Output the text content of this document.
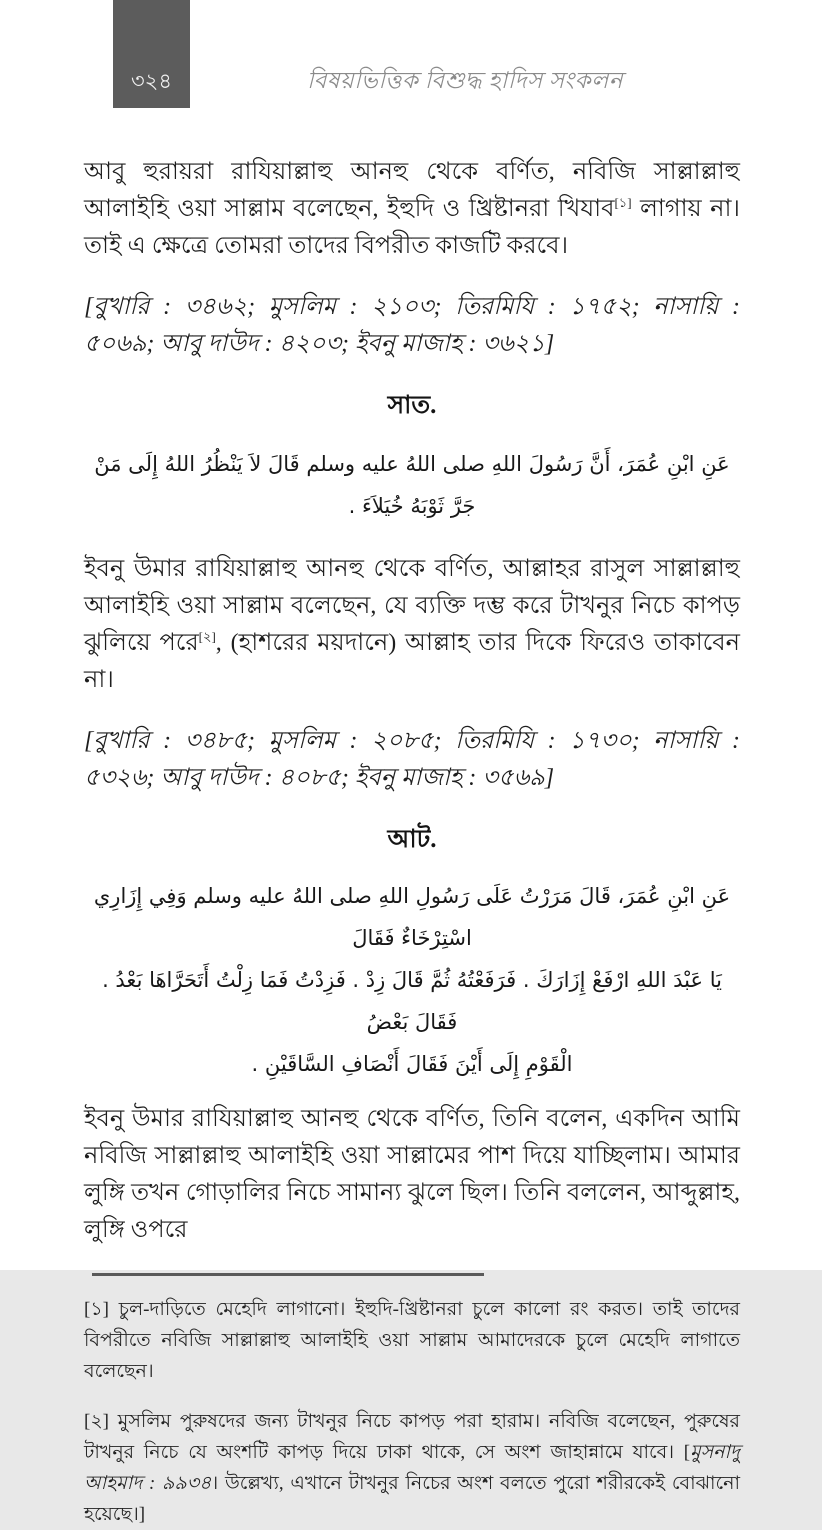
৩২৪	বিষয়ভিত্তিক বিশুদ্ধ হাদিস সংকলন

আবু হুরায়রা রাযিয়াল্লাহু আনহু থেকে বর্ণিত, নবিজি সাল্লাল্লাহু আলাইহি ওয়া সাল্লাম বলেছেন, ইহুদি ও খ্রিষ্টানরা খিযাব[১] লাগায় না। তাই এ ক্ষেত্রে তোমরা তাদের বিপরীত কাজটি করবে।

[বুখারি : ৩৪৬২; মুসলিম : ২১০৩; তিরমিযি : ১৭৫২; নাসায়ি : ৫০৬৯; আবু দাউদ : ৪২০৩; ইবনু মাজাহ : ৩৬২১]

সাত.
عَنِ ابْنِ عُمَرَ، أَنَّ رَسُولَ اللهِ صلى اللهُ عليه وسلم قَالَ لاَ يَنْظُرُ اللهُ إِلَى مَنْ جَرَّ ثَوْبَهُ خُيَلاَءَ .

ইবনু উমার রাযিয়াল্লাহু আনহু থেকে বর্ণিত, আল্লাহর রাসুল সাল্লাল্লাহু আলাইহি ওয়া সাল্লাম বলেছেন, যে ব্যক্তি দম্ভ করে টাখনুর নিচে কাপড় ঝুলিয়ে পরে[২], (হাশরের ময়দানে) আল্লাহ তার দিকে ফিরেও তাকাবেন না।

[বুখারি : ৩৪৮৫; মুসলিম : ২০৮৫; তিরমিযি : ১৭৩০; নাসায়ি : ৫৩২৬; আবু দাউদ : ৪০৮৫; ইবনু মাজাহ : ৩৫৬৯]

আট.
عَنِ ابْنِ عُمَرَ، قَالَ مَرَرْتُ عَلَى رَسُولِ اللهِ صلى اللهُ عليه وسلم وَفِي إِزَارِي اسْتِرْخَاءٌ فَقَالَ
يَا عَبْدَ اللهِ ارْفَعْ إِزَارَكَ . فَرَفَعْتُهُ ثُمَّ قَالَ زِدْ . فَزِدْتُ فَمَا زِلْتُ أَتَحَرَّاهَا بَعْدُ . فَقَالَ بَعْضُ
الْقَوْمِ إِلَى أَيْنَ فَقَالَ أَنْصَافِ السَّاقَيْنِ .

ইবনু উমার রাযিয়াল্লাহু আনহু থেকে বর্ণিত, তিনি বলেন, একদিন আমি নবিজি সাল্লাল্লাহু আলাইহি ওয়া সাল্লামের পাশ দিয়ে যাচ্ছিলাম। আমার লুঙ্গি তখন গোড়ালির নিচে সামান্য ঝুলে ছিল। তিনি বললেন, আব্দুল্লাহ, লুঙ্গি ওপরে

[১] চুল-দাড়িতে মেহেদি লাগানো। ইহুদি-খ্রিষ্টানরা চুলে কালো রং করত। তাই তাদের বিপরীতে নবিজি সাল্লাল্লাহু আলাইহি ওয়া সাল্লাম আমাদেরকে চুলে মেহেদি লাগাতে বলেছেন।

[২] মুসলিম পুরুষদের জন্য টাখনুর নিচে কাপড় পরা হারাম। নবিজি বলেছেন, পুরুষের টাখনুর নিচে যে অংশটি কাপড় দিয়ে ঢাকা থাকে, সে অংশ জাহান্নামে যাবে। [মুসনাদু আহমাদ : ৯৯৩৪। উল্লেখ্য, এখানে টাখনুর নিচের অংশ বলতে পুরো শরীরকেই বোঝানো হয়েছে।]
